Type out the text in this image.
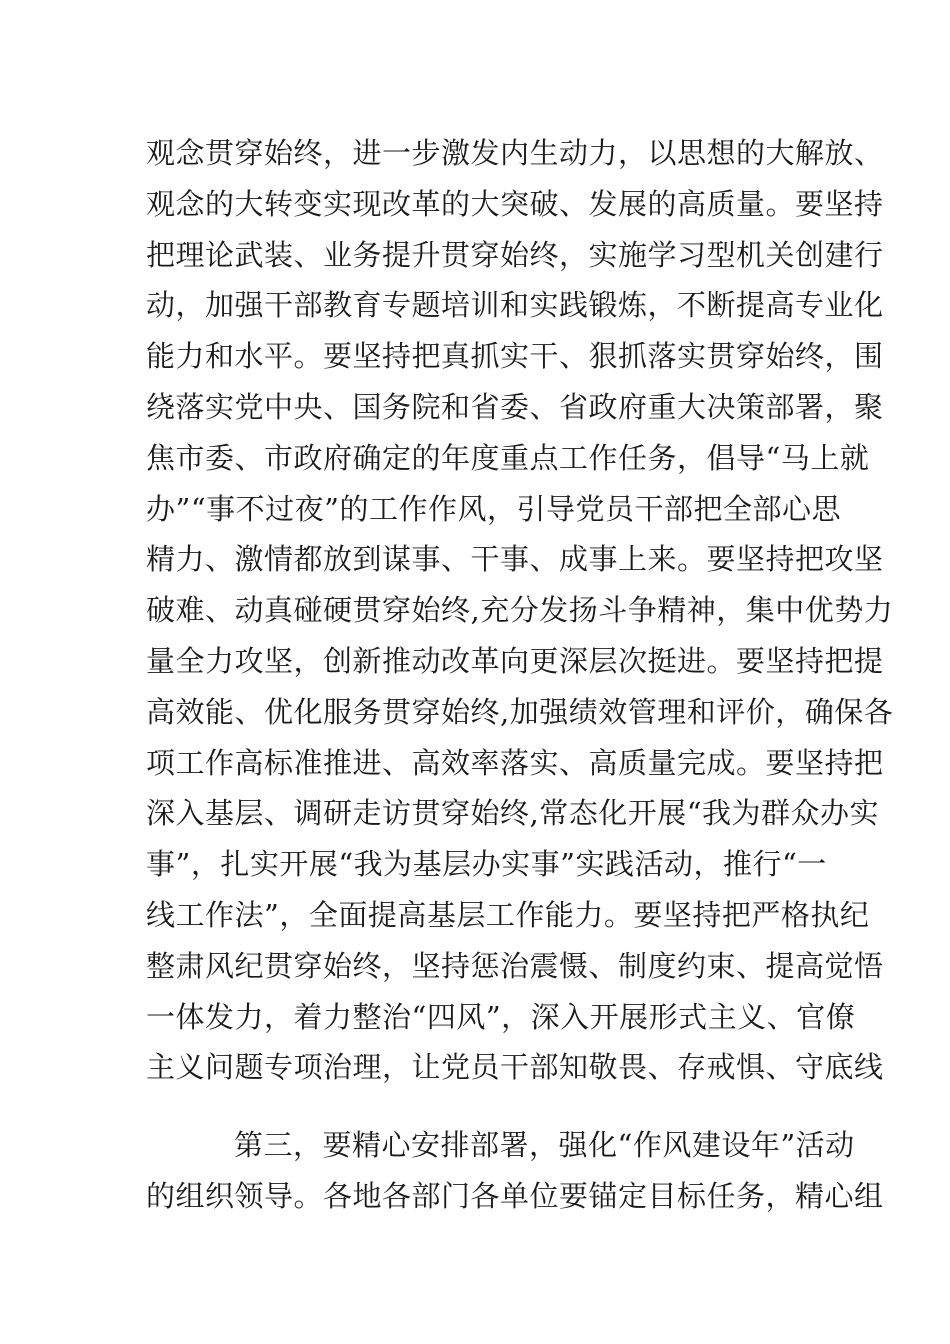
观念贯穿始终，进一步激发内生动力，以思想的大解放、
观念的大转变实现改革的大突破、发展的高质量。要坚持
把理论武装、业务提升贯穿始终，实施学习型机关创建行
动，加强干部教育专题培训和实践锻炼，不断提高专业化
能力和水平。要坚持把真抓实干、狠抓落实贯穿始终，围
绕落实党中央、国务院和省委、省政府重大决策部署，聚
焦市委、市政府确定的年度重点工作任务，倡导“马上就
办”“事不过夜”的工作作风，引导党员干部把全部心思
精力、激情都放到谋事、干事、成事上来。要坚持把攻坚
破难、动真碰硬贯穿始终,充分发扬斗争精神，集中优势力
量全力攻坚，创新推动改革向更深层次挺进。要坚持把提
高效能、优化服务贯穿始终,加强绩效管理和评价，确保各
项工作高标准推进、高效率落实、高质量完成。要坚持把
深入基层、调研走访贯穿始终,常态化开展“我为群众办实
事”，扎实开展“我为基层办实事”实践活动，推行“一
线工作法”，全面提高基层工作能力。要坚持把严格执纪
整肃风纪贯穿始终，坚持惩治震慑、制度约束、提高觉悟
一体发力，着力整治“四风”，深入开展形式主义、官僚
主义问题专项治理，让党员干部知敬畏、存戒惧、守底线
第三，要精心安排部署，强化“作风建设年”活动
的组织领导。各地各部门各单位要锚定目标任务，精心组
